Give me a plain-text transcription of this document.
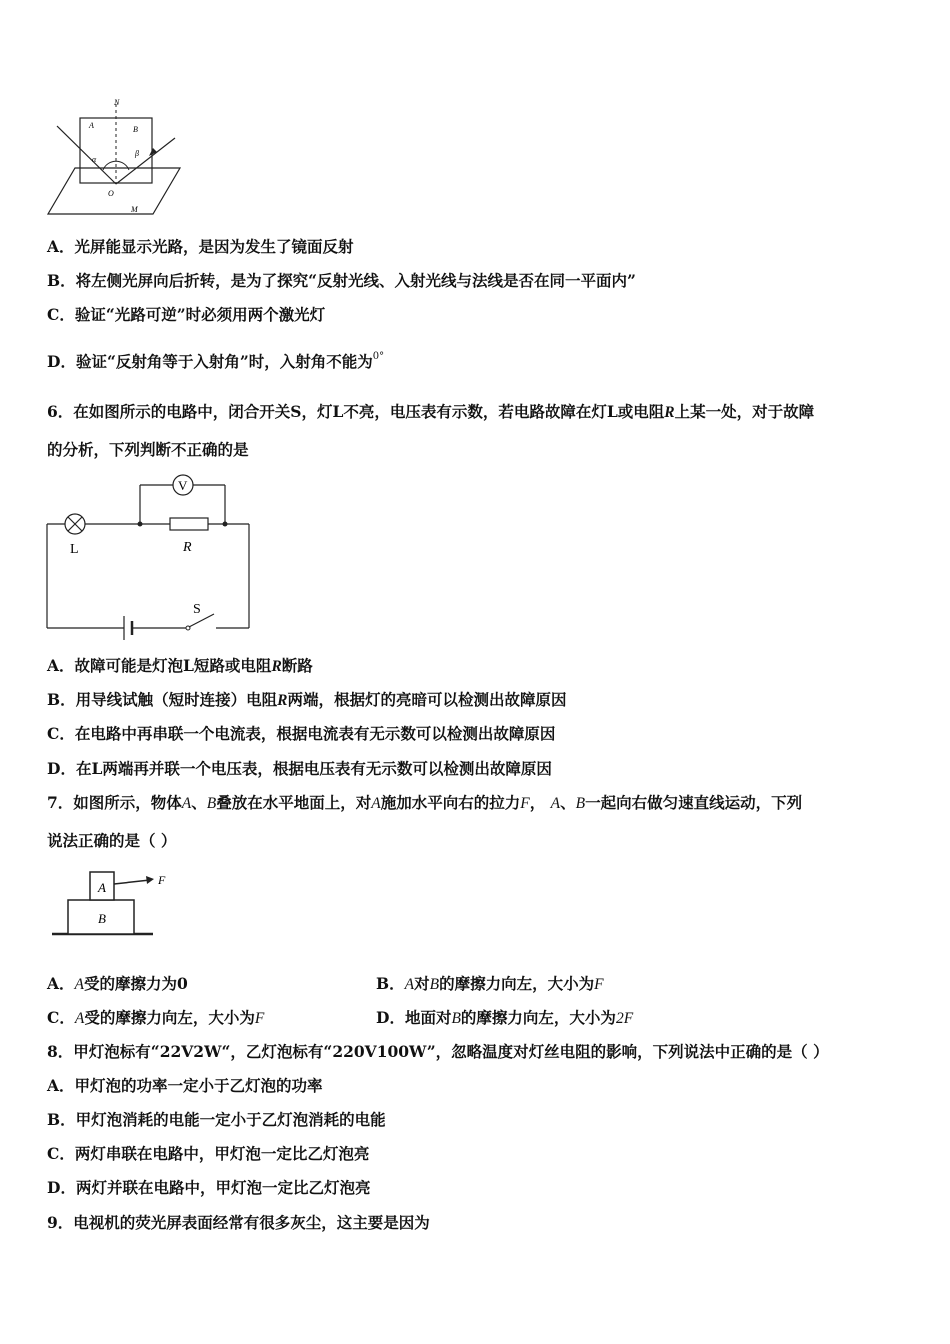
N
A	B
α
β
O
M
A．光屏能显示光路，是因为发生了镜面反射
B．将左侧光屏向后折转，是为了探究“反射光线、入射光线与法线是否在同一平面内”
C．验证“光路可逆”时必须用两个激光灯
D．验证“反射角等于入射角”时，入射角不能为$^{0^\circ}$
6．在如图所示的电路中，闭合开关S，灯L不亮，电压表有示数，若电路故障在灯L或电阻R上某一处，对于故障
的分析，下列判断不正确的是
V
L	R
S
A．故障可能是灯泡L短路或电阻R断路
B．用导线试触（短时连接）电阻R两端，根据灯的亮暗可以检测出故障原因
C．在电路中再串联一个电流表，根据电流表有无示数可以检测出故障原因
D．在L两端再并联一个电压表，根据电压表有无示数可以检测出故障原因
7．如图所示，物体A、B叠放在水平地面上，对A施加水平向右的拉力F， A、B一起向右做匀速直线运动，下列
说法正确的是（ ）
A
B
F
A．A受的摩擦力为0	B．A对B的摩擦力向左，大小为F
C．A受的摩擦力向左，大小为F	D．地面对B的摩擦力向左，大小为2F
8．甲灯泡标有“22V2W“，乙灯泡标有“220V100W”，忽略温度对灯丝电阻的影响，下列说法中正确的是（ ）
A．甲灯泡的功率一定小于乙灯泡的功率
B．甲灯泡消耗的电能一定小于乙灯泡消耗的电能
C．两灯串联在电路中，甲灯泡一定比乙灯泡亮
D．两灯并联在电路中，甲灯泡一定比乙灯泡亮
9．电视机的荧光屏表面经常有很多灰尘，这主要是因为
